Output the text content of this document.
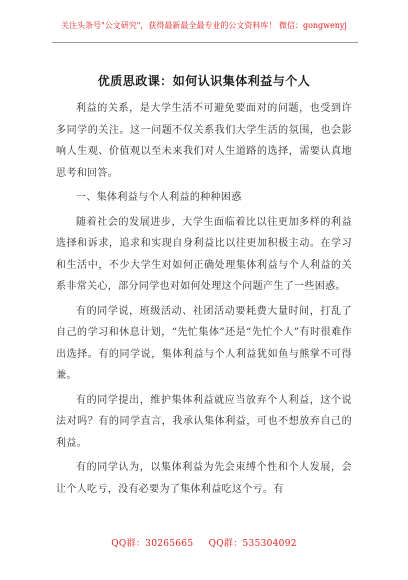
关注头条号"公文研究"，获得最新最全最专业的公文资料库！ 微信：gongwenyj
优质思政课：如何认识集体利益与个人

利益的关系，是大学生活不可避免要面对的问题，也受到许多同学的关注。这一问题不仅关系我们大学生活的氛围，也会影响人生观、价值观以至未来我们对人生道路的选择，需要认真地思考和回答。

一、集体利益与个人利益的种种困惑

随着社会的发展进步，大学生面临着比以往更加多样的利益选择和诉求，追求和实现自身利益比以往更加积极主动。在学习和生活中，不少大学生对如何正确处理集体利益与个人利益的关系非常关心，部分同学也对如何处理这个问题产生了一些困惑。

有的同学说，班级活动、社团活动要耗费大量时间，打乱了自己的学习和休息计划，“先忙集体”还是“先忙个人”有时很难作出选择。有的同学说，集体利益与个人利益犹如鱼与熊掌不可得兼。

有的同学提出，维护集体利益就应当放弃个人利益，这个说法对吗？有的同学直言，我承认集体利益，可也不想放弃自己的利益。

有的同学认为，以集体利益为先会束缚个性和个人发展，会让个人吃亏，没有必要为了集体利益吃这个亏。有

QQ群：30265665 QQ群：535304092
